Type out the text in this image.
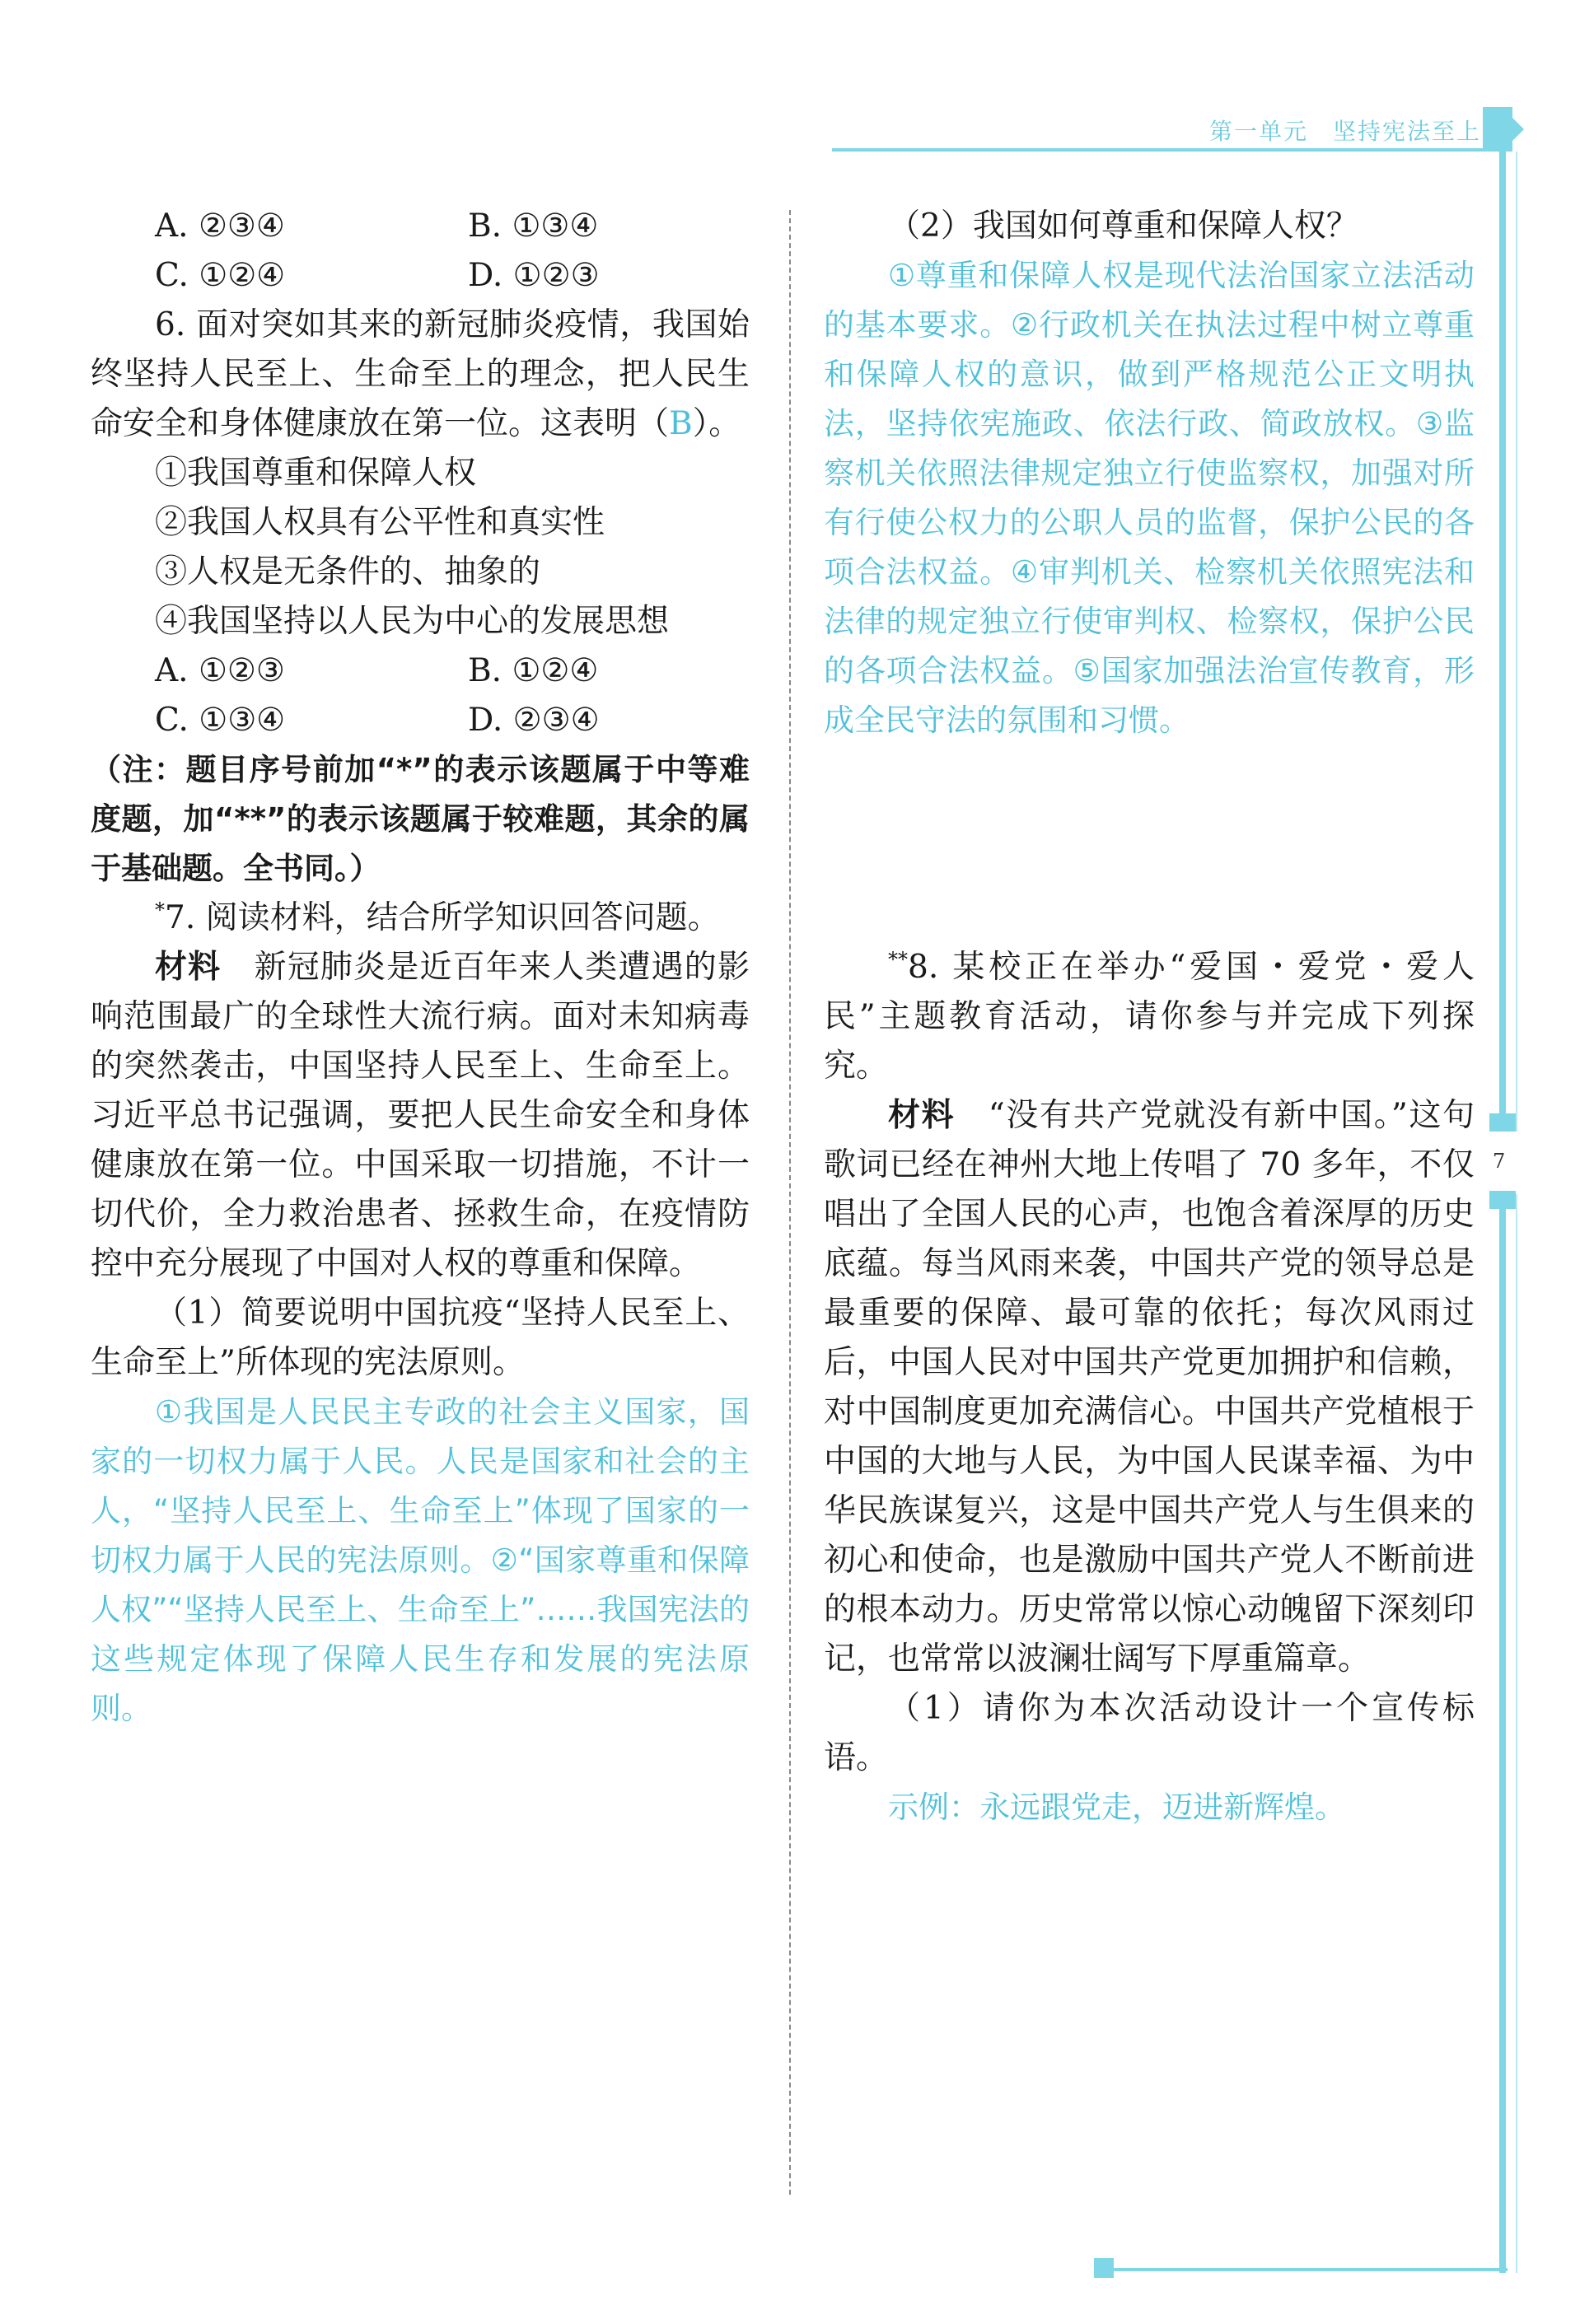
第一单元　坚持宪法至上
7
A. ②③④	B. ①③④
C. ①②④	D. ①②③

6. 面对突如其来的新冠肺炎疫情，我国始终坚持人民至上、生命至上的理念，把人民生命安全和身体健康放在第一位。这表明（B）。

①我国尊重和保障人权

②我国人权具有公平性和真实性

③人权是无条件的、抽象的

④我国坚持以人民为中心的发展思想

A. ①②③	B. ①②④
C. ①③④	D. ②③④

（注：题目序号前加“*”的表示该题属于中等难度题，加“**”的表示该题属于较难题，其余的属于基础题。全书同。）

*7. 阅读材料，结合所学知识回答问题。

材料　 新冠肺炎是近百年来人类遭遇的影响范围最广的全球性大流行病。面对未知病毒的突然袭击，中国坚持人民至上、生命至上。习近平总书记强调，要把人民生命安全和身体健康放在第一位。中国采取一切措施，不计一切代价，全力救治患者、拯救生命，在疫情防控中充分展现了中国对人权的尊重和保障。

（1）简要说明中国抗疫“坚持人民至上、生命至上”所体现的宪法原则。

①我国是人民民主专政的社会主义国家，国家的一切权力属于人民。人民是国家和社会的主人，“坚持人民至上、生命至上”体现了国家的一切权力属于人民的宪法原则。②“国家尊重和保障人权”“坚持人民至上、生命至上”……我国宪法的这些规定体现了保障人民生存和发展的宪法原则。

（2）我国如何尊重和保障人权？

①尊重和保障人权是现代法治国家立法活动的基本要求。②行政机关在执法过程中树立尊重和保障人权的意识，做到严格规范公正文明执法，坚持依宪施政、依法行政、简政放权。③监察机关依照法律规定独立行使监察权，加强对所有行使公权力的公职人员的监督，保护公民的各项合法权益。④审判机关、检察机关依照宪法和法律的规定独立行使审判权、检察权，保护公民的各项合法权益。⑤国家加强法治宣传教育，形成全民守法的氛围和习惯。

**8. 某校正在举办“爱国・爱党・爱人民”主题教育活动，请你参与并完成下列探究。

材料　 “没有共产党就没有新中国。”这句歌词已经在神州大地上传唱了 70 多年，不仅唱出了全国人民的心声，也饱含着深厚的历史底蕴。每当风雨来袭，中国共产党的领导总是最重要的保障、最可靠的依托；每次风雨过后，中国人民对中国共产党更加拥护和信赖，对中国制度更加充满信心。中国共产党植根于中国的大地与人民，为中国人民谋幸福、为中华民族谋复兴，这是中国共产党人与生俱来的初心和使命，也是激励中国共产党人不断前进的根本动力。历史常常以惊心动魄留下深刻印记，也常常以波澜壮阔写下厚重篇章。

（1）请你为本次活动设计一个宣传标语。

示例：永远跟党走，迈进新辉煌。
